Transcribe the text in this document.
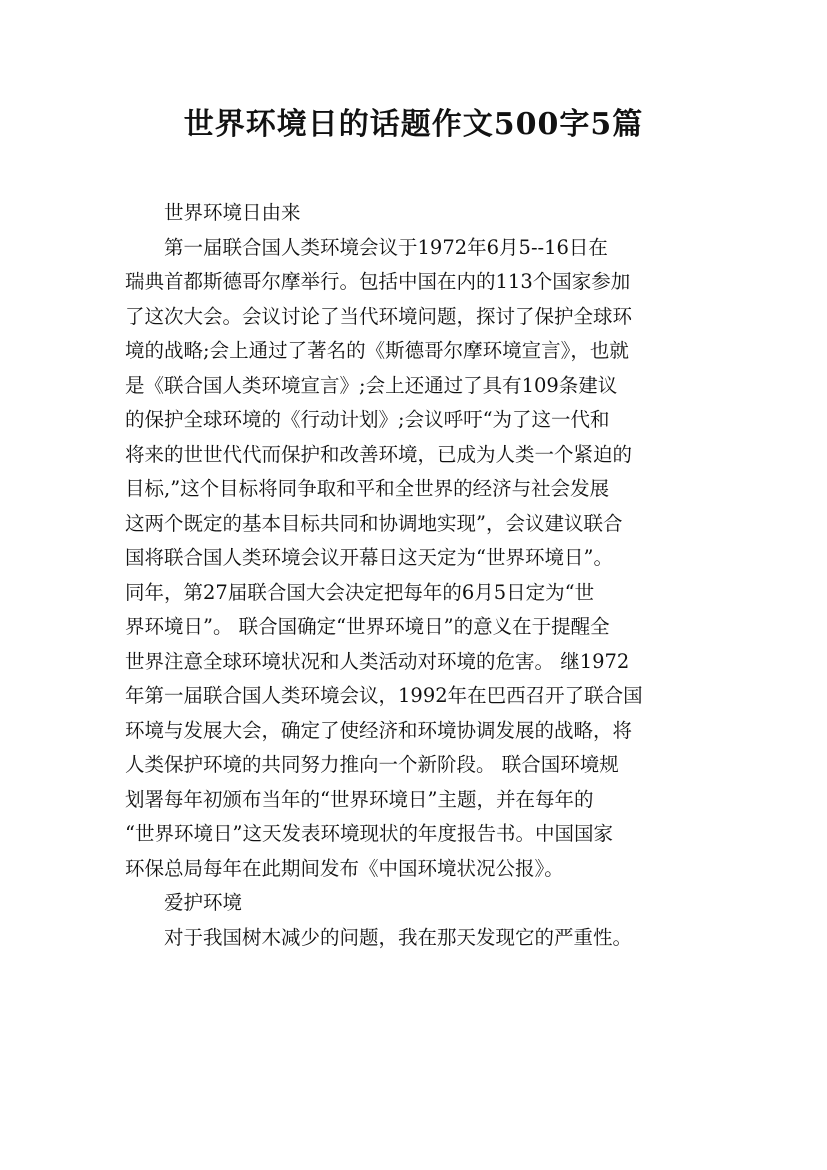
世界环境日的话题作文500字5篇
世界环境日由来
第一届联合国人类环境会议于1972年6月5--16日在
瑞典首都斯德哥尔摩举行。包括中国在内的113个国家参加
了这次大会。会议讨论了当代环境问题，探讨了保护全球环
境的战略;会上通过了著名的《斯德哥尔摩环境宣言》，也就
是《联合国人类环境宣言》;会上还通过了具有109条建议
的保护全球环境的《行动计划》;会议呼吁“为了这一代和
将来的世世代代而保护和改善环境，已成为人类一个紧迫的
目标,”这个目标将同争取和平和全世界的经济与社会发展
这两个既定的基本目标共同和协调地实现”，会议建议联合
国将联合国人类环境会议开幕日这天定为“世界环境日”。
同年，第27届联合国大会决定把每年的6月5日定为“世
界环境日”。 联合国确定“世界环境日”的意义在于提醒全
世界注意全球环境状况和人类活动对环境的危害。 继1972
年第一届联合国人类环境会议，1992年在巴西召开了联合国
环境与发展大会，确定了使经济和环境协调发展的战略，将
人类保护环境的共同努力推向一个新阶段。 联合国环境规
划署每年初颁布当年的“世界环境日”主题，并在每年的
“世界环境日”这天发表环境现状的年度报告书。中国国家
环保总局每年在此期间发布《中国环境状况公报》。
爱护环境
对于我国树木减少的问题，我在那天发现它的严重性。
